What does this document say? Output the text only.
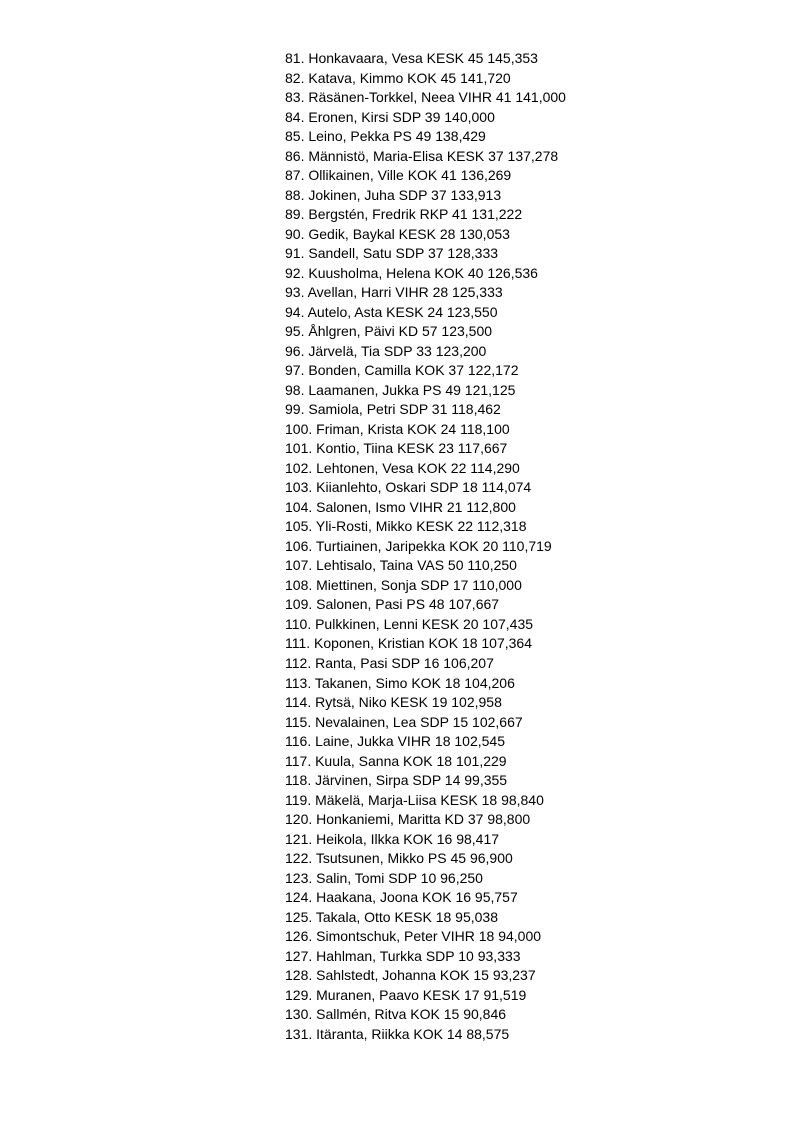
81. Honkavaara, Vesa KESK 45 145,353
82. Katava, Kimmo KOK 45 141,720
83. Räsänen-Torkkel, Neea VIHR 41 141,000
84. Eronen, Kirsi SDP 39 140,000
85. Leino, Pekka PS 49 138,429
86. Männistö, Maria-Elisa KESK 37 137,278
87. Ollikainen, Ville KOK 41 136,269
88. Jokinen, Juha SDP 37 133,913
89. Bergstén, Fredrik RKP 41 131,222
90. Gedik, Baykal KESK 28 130,053
91. Sandell, Satu SDP 37 128,333
92. Kuusholma, Helena KOK 40 126,536
93. Avellan, Harri VIHR 28 125,333
94. Autelo, Asta KESK 24 123,550
95. Åhlgren, Päivi KD 57 123,500
96. Järvelä, Tia SDP 33 123,200
97. Bonden, Camilla KOK 37 122,172
98. Laamanen, Jukka PS 49 121,125
99. Samiola, Petri SDP 31 118,462
100. Friman, Krista KOK 24 118,100
101. Kontio, Tiina KESK 23 117,667
102. Lehtonen, Vesa KOK 22 114,290
103. Kiianlehto, Oskari SDP 18 114,074
104. Salonen, Ismo VIHR 21 112,800
105. Yli-Rosti, Mikko KESK 22 112,318
106. Turtiainen, Jaripekka KOK 20 110,719
107. Lehtisalo, Taina VAS 50 110,250
108. Miettinen, Sonja SDP 17 110,000
109. Salonen, Pasi PS 48 107,667
110. Pulkkinen, Lenni KESK 20 107,435
111. Koponen, Kristian KOK 18 107,364
112. Ranta, Pasi SDP 16 106,207
113. Takanen, Simo KOK 18 104,206
114. Rytsä, Niko KESK 19 102,958
115. Nevalainen, Lea SDP 15 102,667
116. Laine, Jukka VIHR 18 102,545
117. Kuula, Sanna KOK 18 101,229
118. Järvinen, Sirpa SDP 14 99,355
119. Mäkelä, Marja-Liisa KESK 18 98,840
120. Honkaniemi, Maritta KD 37 98,800
121. Heikola, Ilkka KOK 16 98,417
122. Tsutsunen, Mikko PS 45 96,900
123. Salin, Tomi SDP 10 96,250
124. Haakana, Joona KOK 16 95,757
125. Takala, Otto KESK 18 95,038
126. Simontschuk, Peter VIHR 18 94,000
127. Hahlman, Turkka SDP 10 93,333
128. Sahlstedt, Johanna KOK 15 93,237
129. Muranen, Paavo KESK 17 91,519
130. Sallmén, Ritva KOK 15 90,846
131. Itäranta, Riikka KOK 14 88,575
